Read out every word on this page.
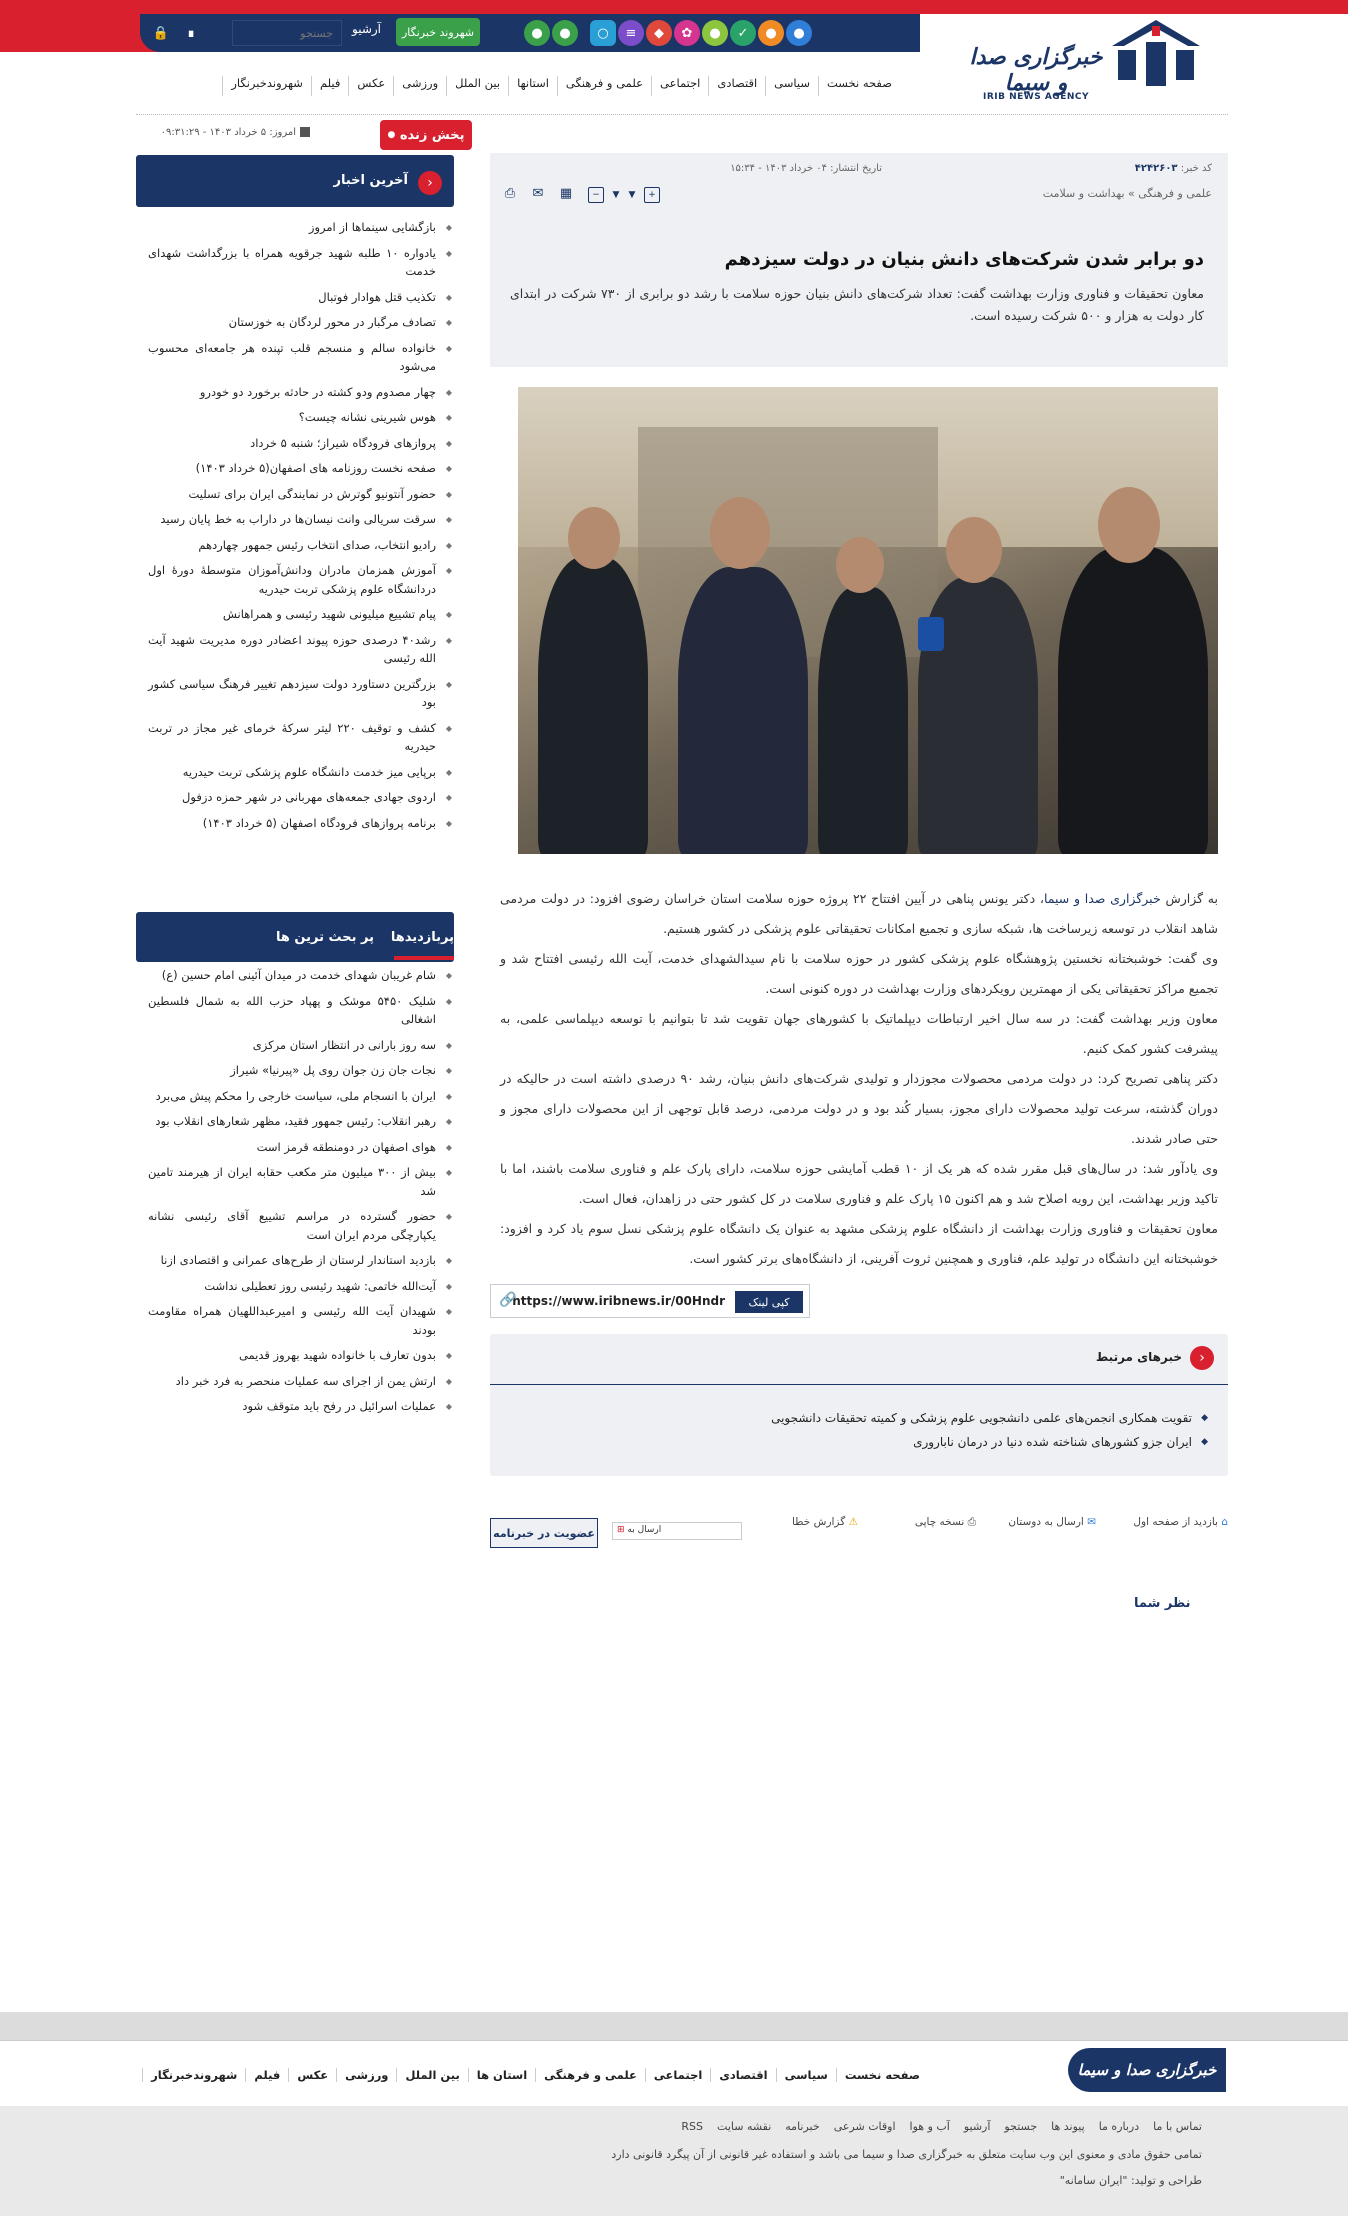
🔒	∎
جستجو	آرشیو	شهروند خبرنگار	●	●	○	≡	◆	✿	●	✓	●	●
خبرگزاری صدا و سیما
IRIB NEWS AGENCY
صفحه نخست
سیاسی
اقتصادی
اجتماعی
علمی و فرهنگی
استانها
بین الملل
ورزشی
عکس
فیلم
شهروندخبرنگار
پخش زنده

●
امروز: ۵ خرداد ۱۴۰۳ - ۰۹:۳۱:۲۹
‹
آخرین اخبار
◆ بازگشایی سینماها از امروز
◆ یادواره ۱۰ طلبه شهید جرقویه همراه با بزرگداشت شهدای خدمت
◆ تکذیب قتل هوادار فوتبال
◆ تصادف مرگبار در محور لردگان به خوزستان
◆ خانواده سالم و منسجم قلب تپنده هر جامعه‌ای محسوب می‌شود
◆ چهار مصدوم ودو کشته در حادثه برخورد دو خودرو
◆ هوس شیرینی نشانه چیست؟
◆ پروازهای فرودگاه شیراز؛ شنبه ۵ خرداد
◆ صفحه نخست روزنامه های اصفهان(۵ خرداد ۱۴۰۳)
◆ حضور آنتونیو گوترش در نمایندگی ایران برای تسلیت
◆ سرقت سریالی وانت نیسان‌ها در داراب به خط پایان رسید
◆ رادیو انتخاب، صدای انتخاب رئیس جمهور چهاردهم
◆ آموزش همزمان مادران ودانش‌آموزان متوسطۀ دورۀ اول دردانشگاه علوم پزشکی تربت حیدریه
◆ پیام تشییع میلیونی شهید رئیسی و همراهانش
◆ رشد۴۰ درصدی حوزه پیوند اعضادر دوره مدیریت شهید آیت الله رئیسی
◆ بزرگترین دستاورد دولت سیزدهم تغییر فرهنگ سیاسی کشور بود
◆ کشف و توقیف ۲۲۰ لیتر سرکۀ خرمای غیر مجاز در تربت حیدریه
◆ برپایی میز خدمت دانشگاه علوم پزشکی تربت حیدریه
◆ اردوی جهادی جمعه‌های مهربانی در شهر حمزه دزفول
◆ برنامه پروازهای فرودگاه اصفهان (۵ خرداد ۱۴۰۳)
پربازدیدها
پر بحث ترین ها
◆ شام غریبان شهدای خدمت در میدان آئینی امام حسین (ع)
◆ شلیک ۵۴۵۰ موشک و پهپاد حزب الله به شمال فلسطین اشغالی
◆ سه روز بارانی در انتظار استان مرکزی
◆ نجات جان زن جوان روی پل «پیرنیا» شیراز
◆ ایران با انسجام ملی، سیاست خارجی را محکم پیش می‌برد
◆ رهبر انقلاب: رئیس جمهور فقید، مظهر شعارهای انقلاب بود
◆ هوای اصفهان در دومنطقه قرمز است
◆ بیش از ۳۰۰ میلیون متر مکعب حقابه ایران از هیرمند تامین شد
◆ حضور گسترده در مراسم تشییع آقای رئیسی نشانه یکپارچگی مردم ایران است
◆ بازدید استاندار لرستان از طرح‌های عمرانی و اقتصادی ازنا
◆ آیت‌الله خاتمی: شهید رئیسی روز تعطیلی نداشت
◆ شهیدان آیت الله رئیسی و امیرعبداللهیان همراه مقاومت بودند
◆ بدون تعارف با خانواده شهید بهروز قدیمی
◆ ارتش یمن از اجرای سه عملیات منحصر به فرد خبر داد
◆ عملیات اسرائیل در رفح باید متوقف شود
کد خبر: ۴۲۴۲۶۰۳
تاریخ انتشار: ۰۴ خرداد ۱۴۰۳ - ۱۵:۳۴
علمی و فرهنگی » بهداشت و سلامت
⎙ ✉ ▦	−	▼	▼	+
دو برابر شدن شرکت‌های دانش بنیان در دولت سیزدهم
معاون تحقیقات و فناوری وزارت بهداشت گفت: تعداد شرکت‌های دانش بنیان حوزه سلامت با رشد دو برابری از ۷۳۰ شرکت در ابتدای کار دولت به هزار و ۵۰۰ شرکت رسیده است.

به گزارش خبرگزاری صدا و سیما، دکتر یونس پناهی در آیین افتتاح ۲۲ پروژه حوزه سلامت استان خراسان رضوی افزود: در دولت مردمی شاهد انقلاب در توسعه زیرساخت ها، شبکه سازی و تجمیع امکانات تحقیقاتی علوم پزشکی در کشور هستیم.

وی گفت: خوشبختانه نخستین پژوهشگاه علوم پزشکی کشور در حوزه سلامت با نام سیدالشهدای خدمت، آیت الله رئیسی افتتاح شد و تجمیع مراکز تحقیقاتی یکی از مهمترین رویکردهای وزارت بهداشت در دوره کنونی است.

معاون وزیر بهداشت گفت: در سه سال اخیر ارتباطات دیپلماتیک با کشورهای جهان تقویت شد تا بتوانیم با توسعه دیپلماسی علمی، به پیشرفت کشور کمک کنیم.

دکتر پناهی تصریح کرد: در دولت مردمی محصولات مجوزدار و تولیدی شرکت‌های دانش بنیان، رشد ۹۰ درصدی داشته است در حالیکه در دوران گذشته، سرعت تولید محصولات دارای مجوز، بسیار کُند بود و در دولت مردمی، درصد قابل توجهی از این محصولات دارای مجوز و حتی صادر شدند.

وی یادآور شد: در سال‌های قبل مقرر شده که هر یک از ۱۰ قطب آمایشی حوزه سلامت، دارای پارک علم و فناوری سلامت باشند، اما با تاکید وزیر بهداشت، این رویه اصلاح شد و هم اکنون ۱۵ پارک علم و فناوری سلامت در کل کشور حتی در زاهدان، فعال است.

معاون تحقیقات و فناوری وزارت بهداشت از دانشگاه علوم پزشکی مشهد به عنوان یک دانشگاه علوم پزشکی نسل سوم یاد کرد و افزود: خوشبختانه این دانشگاه در تولید علم، فناوری و همچنین ثروت آفرینی، از دانشگاه‌های برتر کشور است.

کپی لینک
https://www.iribnews.ir/00Hndr
🔗
‹
خبرهای مرتبط
◆ تقویت همکاری انجمن‌های علمی دانشجویی علوم پزشکی و کمیته تحقیقات دانشجویی
◆ ایران جزو کشورهای شناخته شده دنیا در درمان ناباروری
⌂ بازدید از صفحه اول
✉ ارسال به دوستان
⎙ نسخه چاپی
⚠ گزارش خطا
⊞ ارسال به
عضویت در خبرنامه
نظر شما
خبرگزاری صدا و سیما
صفحه نخست
سیاسی
اقتصادی
اجتماعی
علمی و فرهنگی
استان ها
بین الملل
ورزشی
عکس
فیلم
شهروندخبرنگار
تماس با ما
درباره ما
پیوند ها
جستجو
آرشیو
آب و هوا
اوقات شرعی
خبرنامه
نقشه سایت
RSS
تمامی حقوق مادی و معنوی این وب سایت متعلق به خبرگزاری صدا و سیما می باشد و استفاده غیر قانونی از آن پیگرد قانونی دارد
طراحی و تولید: "ایران سامانه"
